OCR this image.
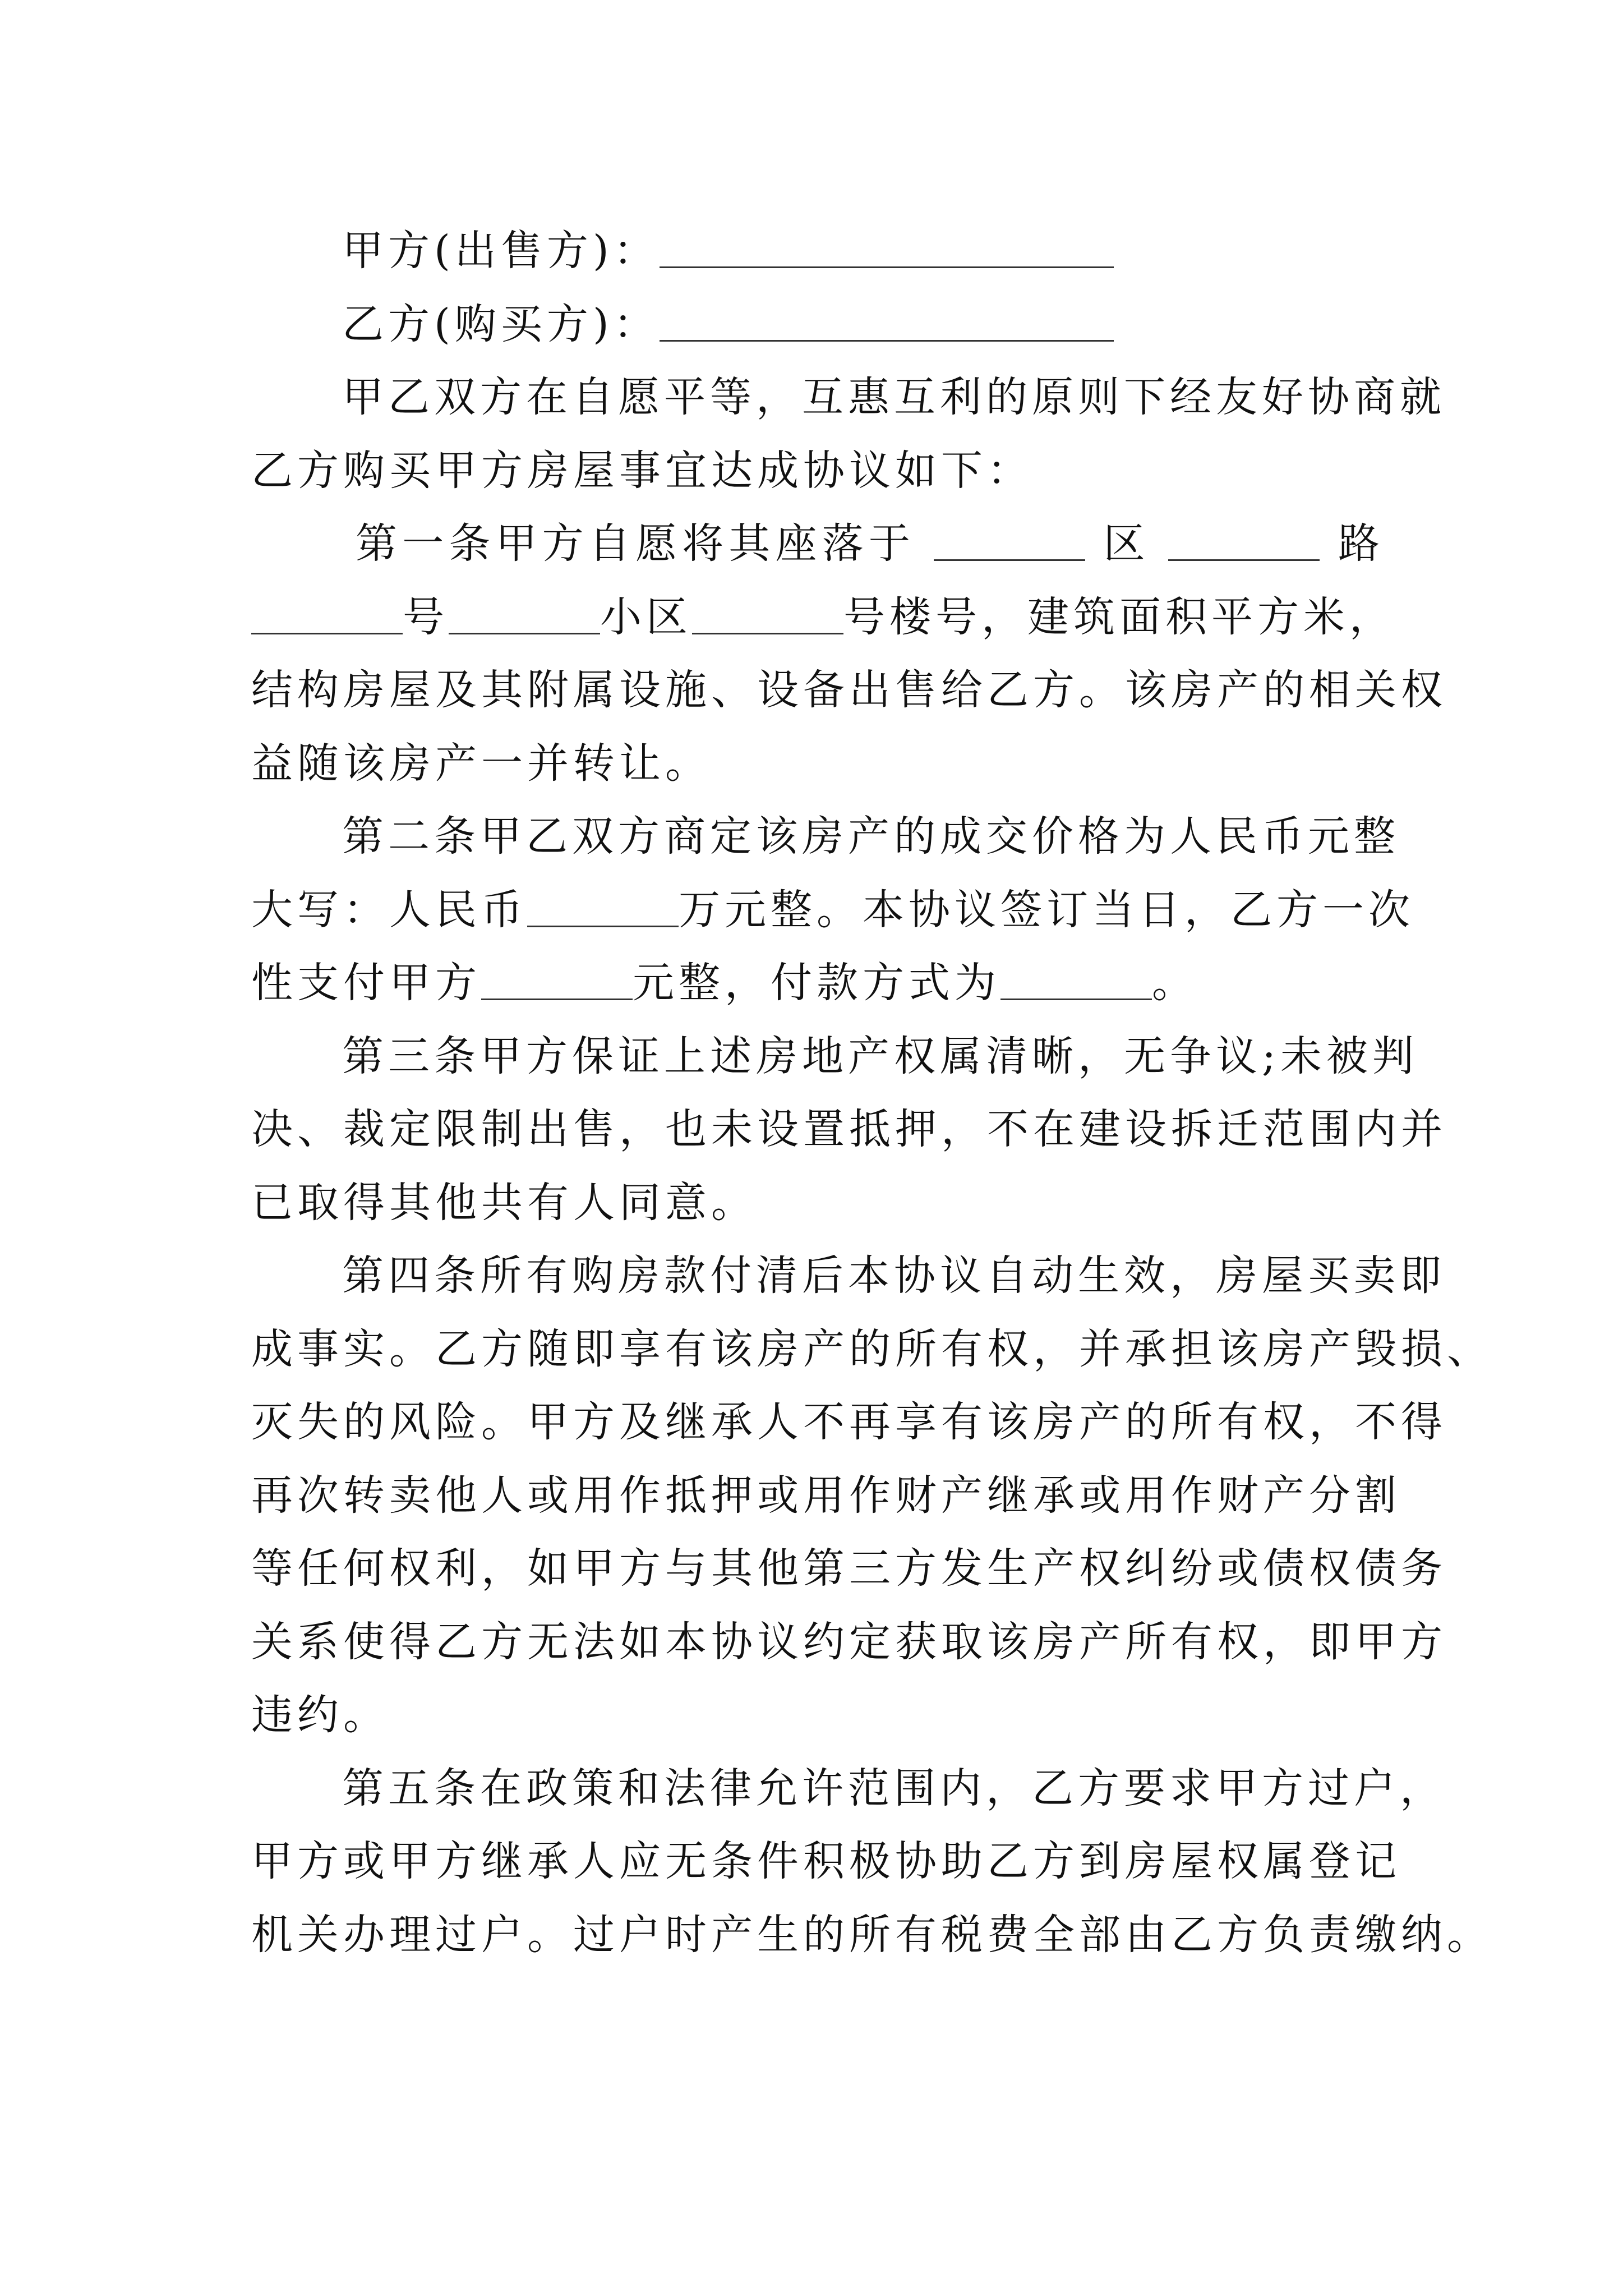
甲方(出售方)：
乙方(购买方)：
甲乙双方在自愿平等，互惠互利的原则下经友好协商就
乙方购买甲方房屋事宜达成协议如下：
第一条甲方自愿将其座落于	区	路
号	小区	号楼号，建筑面积平方米，
结构房屋及其附属设施、设备出售给乙方。该房产的相关权
益随该房产一并转让。
第二条甲乙双方商定该房产的成交价格为人民币元整
大写：人民币	万元整。本协议签订当日，乙方一次
性支付甲方	元整，付款方式为	。
第三条甲方保证上述房地产权属清晰，无争议;未被判
决、裁定限制出售，也未设置抵押，不在建设拆迁范围内并
已取得其他共有人同意。
第四条所有购房款付清后本协议自动生效，房屋买卖即
成事实。乙方随即享有该房产的所有权，并承担该房产毁损、
灭失的风险。甲方及继承人不再享有该房产的所有权，不得
再次转卖他人或用作抵押或用作财产继承或用作财产分割
等任何权利，如甲方与其他第三方发生产权纠纷或债权债务
关系使得乙方无法如本协议约定获取该房产所有权，即甲方
违约。
第五条在政策和法律允许范围内，乙方要求甲方过户，
甲方或甲方继承人应无条件积极协助乙方到房屋权属登记
机关办理过户。过户时产生的所有税费全部由乙方负责缴纳。
